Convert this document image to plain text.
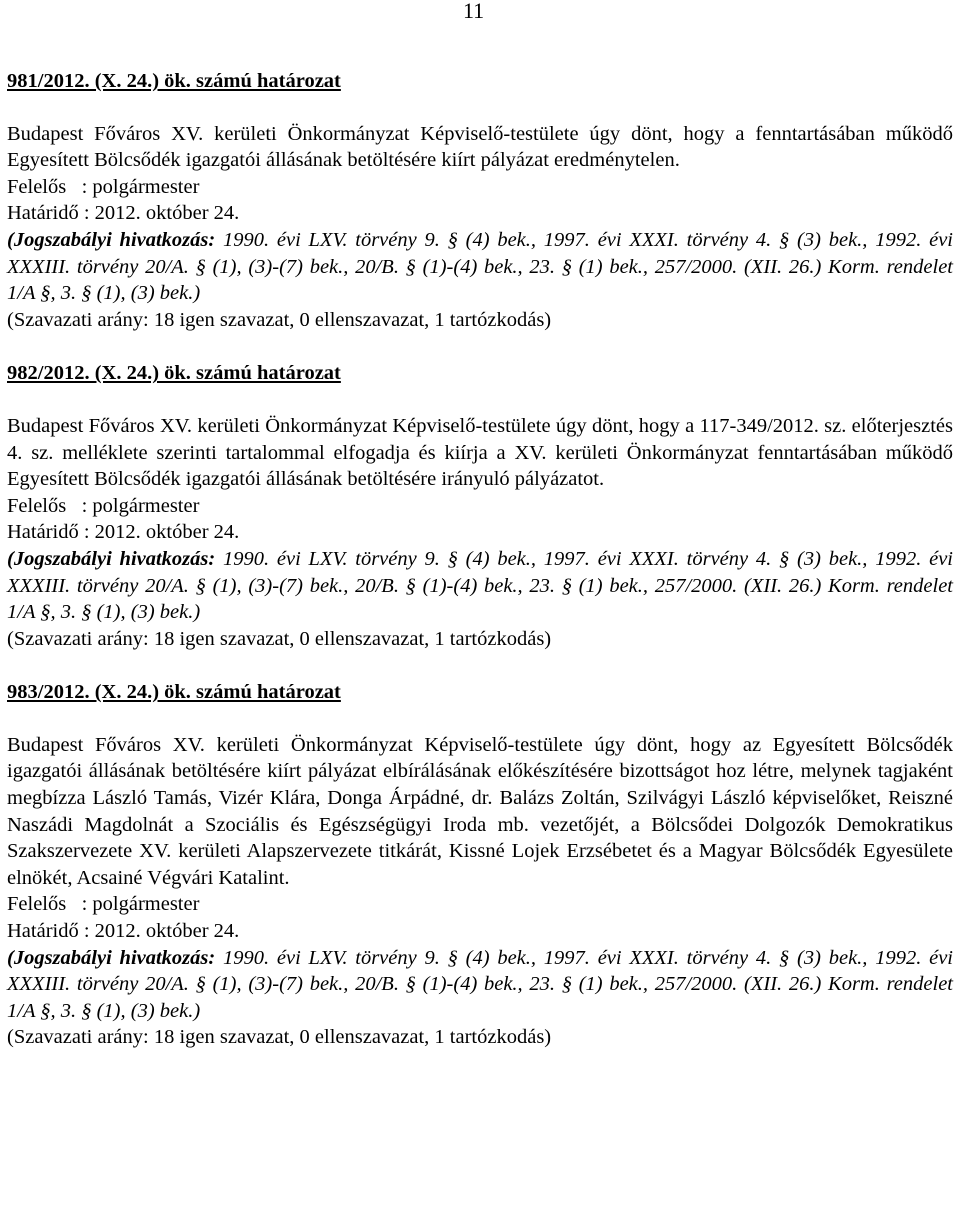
11

981/2012. (X. 24.) ök. számú határozat

Budapest Főváros XV. kerületi Önkormányzat Képviselő-testülete úgy dönt, hogy a fenntartásában működő Egyesített Bölcsődék igazgatói állásának betöltésére kiírt pályázat eredménytelen.

Felelős   : polgármester

Határidő : 2012. október 24.

(Jogszabályi hivatkozás: 1990. évi LXV. törvény 9. § (4) bek., 1997. évi XXXI. törvény 4. § (3) bek., 1992. évi XXXIII. törvény 20/A. § (1), (3)-(7) bek., 20/B. § (1)-(4) bek., 23. § (1) bek., 257/2000. (XII. 26.) Korm. rendelet 1/A §, 3. § (1), (3) bek.)

(Szavazati arány: 18 igen szavazat, 0 ellenszavazat, 1 tartózkodás)

982/2012. (X. 24.) ök. számú határozat

Budapest Főváros XV. kerületi Önkormányzat Képviselő-testülete úgy dönt, hogy a 117-349/2012. sz. előterjesztés 4. sz. melléklete szerinti tartalommal elfogadja és kiírja a XV. kerületi Önkormányzat fenntartásában működő Egyesített Bölcsődék igazgatói állásának betöltésére irányuló pályázatot.

Felelős   : polgármester

Határidő : 2012. október 24.

(Jogszabályi hivatkozás: 1990. évi LXV. törvény 9. § (4) bek., 1997. évi XXXI. törvény 4. § (3) bek., 1992. évi XXXIII. törvény 20/A. § (1), (3)-(7) bek., 20/B. § (1)-(4) bek., 23. § (1) bek., 257/2000. (XII. 26.) Korm. rendelet 1/A §, 3. § (1), (3) bek.)

(Szavazati arány: 18 igen szavazat, 0 ellenszavazat, 1 tartózkodás)

983/2012. (X. 24.) ök. számú határozat

Budapest Főváros XV. kerületi Önkormányzat Képviselő-testülete úgy dönt, hogy az Egyesített Bölcsődék igazgatói állásának betöltésére kiírt pályázat elbírálásának előkészítésére bizottságot hoz létre, melynek tagjaként megbízza László Tamás, Vizér Klára, Donga Árpádné, dr. Balázs Zoltán, Szilvágyi László képviselőket, Reiszné Naszádi Magdolnát a Szociális és Egészségügyi Iroda mb. vezetőjét, a Bölcsődei Dolgozók Demokratikus Szakszervezete XV. kerületi Alapszervezete titkárát, Kissné Lojek Erzsébetet és a Magyar Bölcsődék Egyesülete elnökét, Acsainé Végvári Katalint.

Felelős   : polgármester

Határidő : 2012. október 24.

(Jogszabályi hivatkozás: 1990. évi LXV. törvény 9. § (4) bek., 1997. évi XXXI. törvény 4. § (3) bek., 1992. évi XXXIII. törvény 20/A. § (1), (3)-(7) bek., 20/B. § (1)-(4) bek., 23. § (1) bek., 257/2000. (XII. 26.) Korm. rendelet 1/A §, 3. § (1), (3) bek.)

(Szavazati arány: 18 igen szavazat, 0 ellenszavazat, 1 tartózkodás)
